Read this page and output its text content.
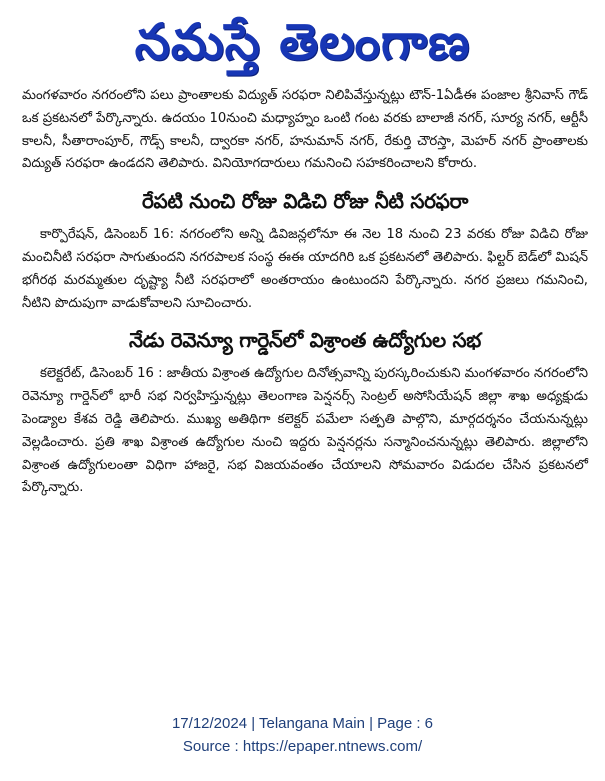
నమస్తే తెలంగాణ

మంగళవారం నగరంలోని పలు ప్రాంతాలకు విద్యుత్ సరఫరా నిలిపివేస్తున్నట్లు టౌన్-1ఏడీఈ పంజాల శ్రీనివాస్ గౌడ్ ఒక ప్రకటనలో పేర్కొన్నారు. ఉదయం 10నుంచి మధ్యాహ్నం ఒంటి గంట వరకు బాలాజీ నగర్, సూర్య నగర్, ఆర్టీసీ కాలనీ, సీతారాంపూర్, గౌడ్స్ కాలనీ, ద్వారకా నగర్, హనుమాన్ నగర్, రేకుర్తి చౌరస్తా, మెహర్ నగర్ ప్రాంతాలకు విద్యుత్ సరఫరా ఉండదని తెలిపారు. వినియోగదారులు గమనించి సహకరించాలని కోరారు.

రేపటి నుంచి రోజు విడిచి రోజు నీటి సరఫరా

కార్పొరేషన్, డిసెంబర్ 16: నగరంలోని అన్ని డివిజన్లలోనూ ఈ నెల 18 నుంచి 23 వరకు రోజు విడిచి రోజు మంచినీటి సరఫరా సాగుతుందని నగరపాలక సంస్థ ఈఈ యాదగిరి ఒక ప్రకటనలో తెలిపారు. ఫిల్టర్ బెడ్‌లో మిషన్ భగీరథ మరమ్మతుల దృష్ట్యా నీటి సరఫరాలో అంతరాయం ఉంటుందని పేర్కొన్నారు. నగర ప్రజలు గమనించి, నీటిని పొదుపుగా వాడుకోవాలని సూచించారు.

నేడు రెవెన్యూ గార్డెన్‌లో విశ్రాంత ఉద్యోగుల సభ

కలెక్టరేట్, డిసెంబర్ 16 : జాతీయ విశ్రాంత ఉద్యోగుల దినోత్సవాన్ని పురస్కరించుకుని మంగళవారం నగరంలోని రెవెన్యూ గార్డెన్‌లో భారీ సభ నిర్వహిస్తున్నట్లు తెలంగాణ పెన్షనర్స్ సెంట్రల్ అసోసియేషన్ జిల్లా శాఖ అధ్యక్షుడు పెండ్యాల కేశవ రెడ్డి తెలిపారు. ముఖ్య అతిథిగా కలెక్టర్ పమేలా సత్పతి పాల్గొని, మార్గదర్శనం చేయనున్నట్లు వెల్లడించారు. ప్రతి శాఖ విశ్రాంత ఉద్యోగుల నుంచి ఇద్దరు పెన్షనర్లను సన్మానించనున్నట్లు తెలిపారు. జిల్లాలోని విశ్రాంత ఉద్యోగులంతా విధిగా హాజరై, సభ విజయవంతం చేయాలని సోమవారం విడుదల చేసిన ప్రకటనలో పేర్కొన్నారు.

17/12/2024 | Telangana Main | Page : 6
Source : https://epaper.ntnews.com/
